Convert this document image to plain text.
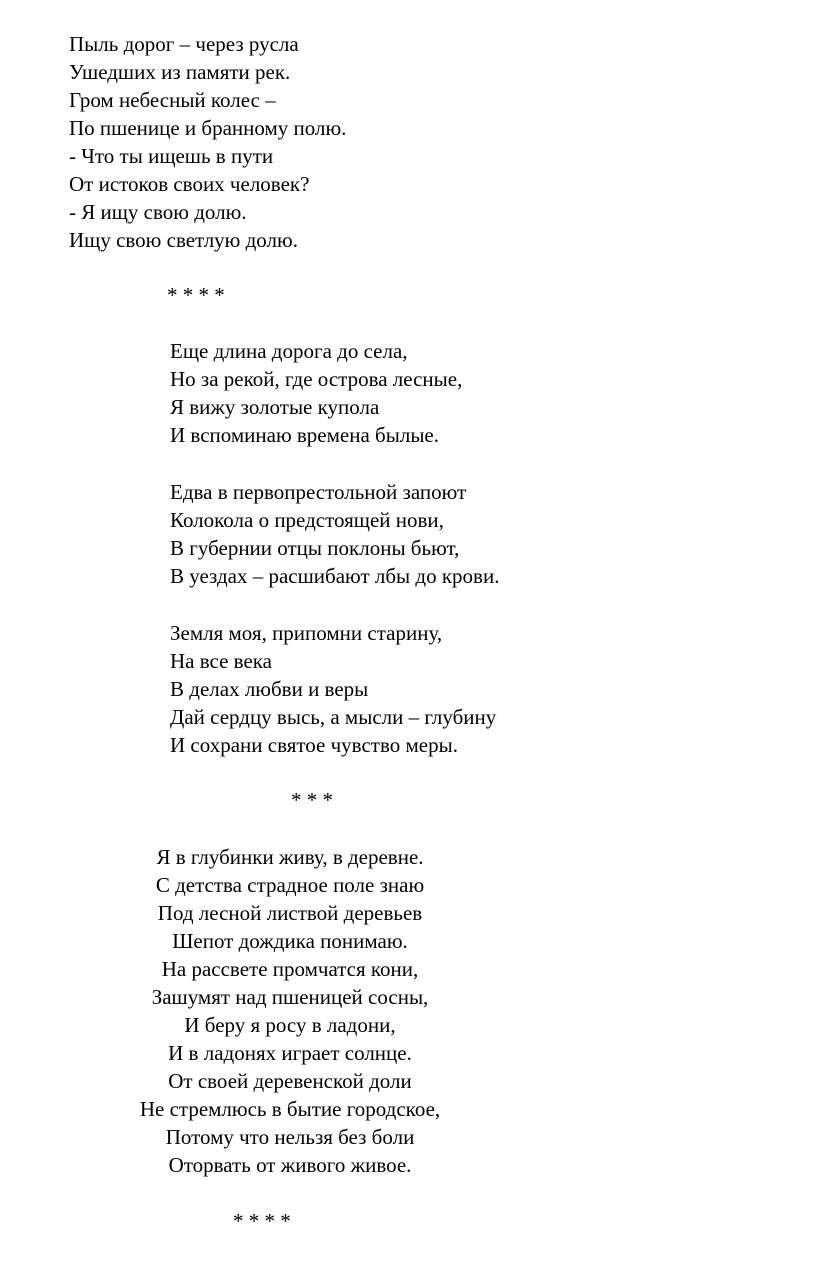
Пыль дорог – через русла
Ушедших из памяти рек.
Гром небесный колес –
По пшенице и бранному полю.
- Что ты ищешь в пути
От истоков своих человек?
- Я ищу свою долю.
Ищу свою светлую долю.
* * * *
Еще длина дорога до села,
Но за рекой, где острова лесные,
Я вижу золотые купола
И вспоминаю времена былые.
Едва в первопрестольной запоют
Колокола о предстоящей нови,
В губернии отцы поклоны бьют,
В уездах – расшибают лбы до крови.
Земля моя, припомни старину,
На все века
В делах любви и веры
Дай сердцу высь, а мысли – глубину
И сохрани святое чувство меры.
* * *
Я в глубинки живу, в деревне.
С детства страдное поле знаю
Под лесной листвой деревьев
Шепот дождика понимаю.
На рассвете промчатся кони,
Зашумят над пшеницей сосны,
И беру я росу в ладони,
И в ладонях играет солнце.
От своей деревенской доли
Не стремлюсь в бытие городское,
Потому что нельзя без боли
Оторвать от живого живое.
* * * *
